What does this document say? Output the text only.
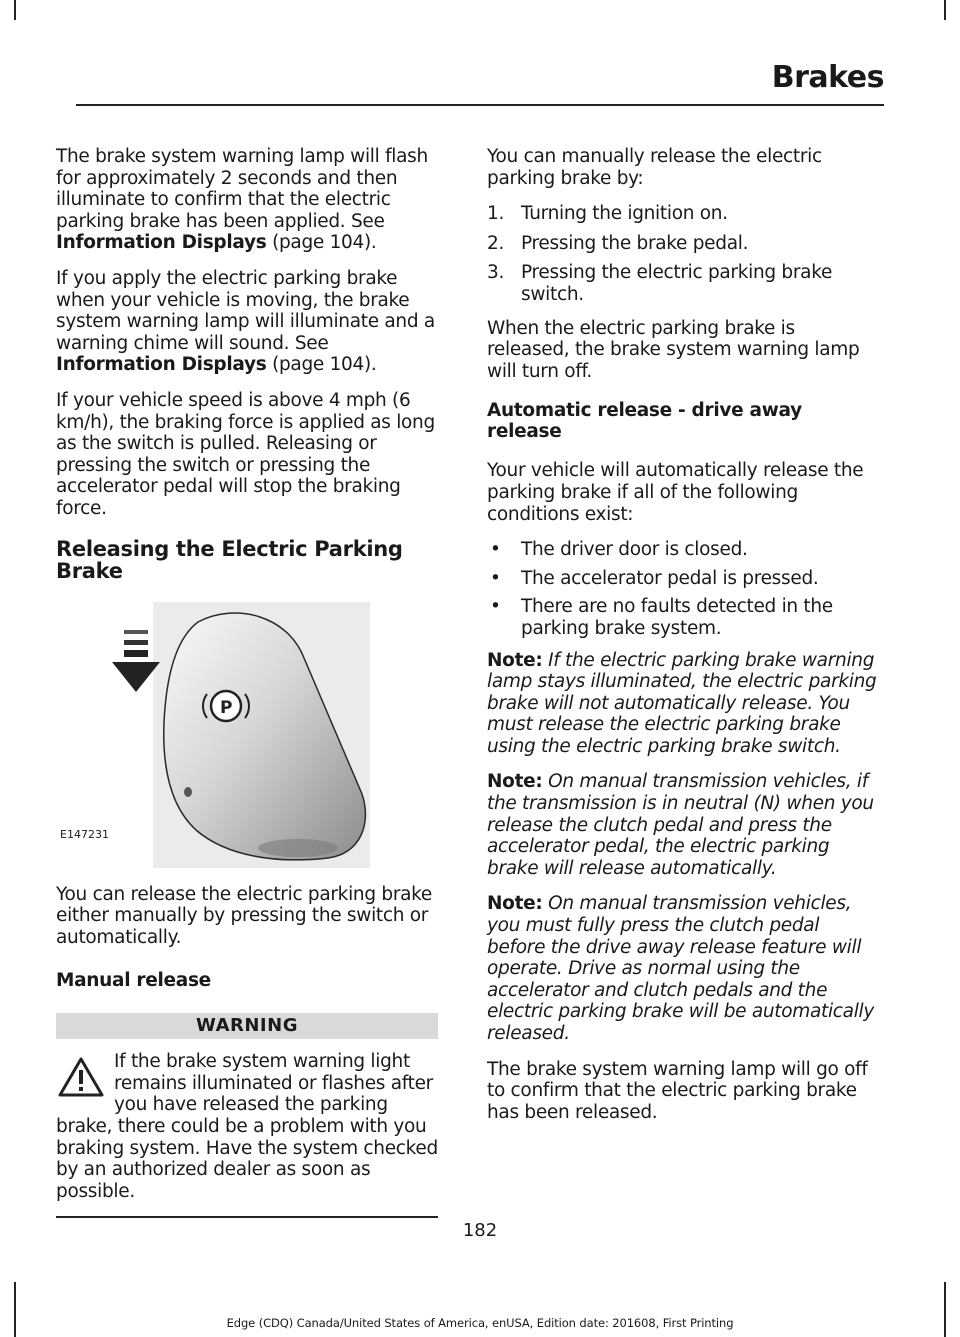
Brakes

The brake system warning lamp will flash for approximately 2 seconds and then illuminate to confirm that the electric parking brake has been applied. See Information Displays (page 104).

If you apply the electric parking brake when your vehicle is moving, the brake system warning lamp will illuminate and a warning chime will sound. See Information Displays (page 104).

If your vehicle speed is above 4 mph (6 km/h), the braking force is applied as long as the switch is pulled. Releasing or pressing the switch or pressing the accelerator pedal will stop the braking force.

Releasing the Electric Parking Brake
P
E147231

You can release the electric parking brake either manually by pressing the switch or automatically.

Manual release
WARNING

If the brake system warning light remains illuminated or flashes after you have released the parking brake, there could be a problem with you braking system. Have the system checked by an authorized dealer as soon as possible.

You can manually release the electric parking brake by:

1. Turning the ignition on.
2. Pressing the brake pedal.
3. Pressing the electric parking brake switch.

When the electric parking brake is released, the brake system warning lamp will turn off.

Automatic release - drive away release

Your vehicle will automatically release the parking brake if all of the following conditions exist:

• The driver door is closed.
• The accelerator pedal is pressed.
• There are no faults detected in the parking brake system.

Note: If the electric parking brake warning lamp stays illuminated, the electric parking brake will not automatically release. You must release the electric parking brake using the electric parking brake switch.

Note: On manual transmission vehicles, if the transmission is in neutral (N) when you release the clutch pedal and press the accelerator pedal, the electric parking brake will release automatically.

Note: On manual transmission vehicles, you must fully press the clutch pedal before the drive away release feature will operate. Drive as normal using the accelerator and clutch pedals and the electric parking brake will be automatically released.

The brake system warning lamp will go off to confirm that the electric parking brake has been released.

182
Edge (CDQ) Canada/United States of America, enUSA, Edition date: 201608, First Printing
